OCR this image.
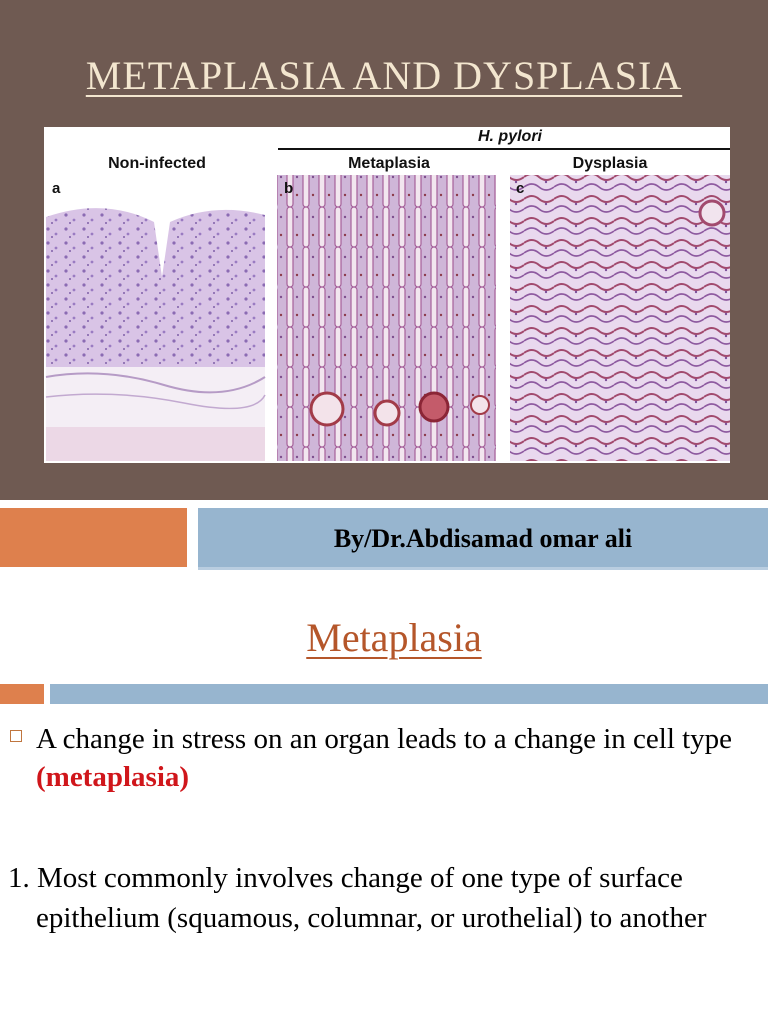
METAPLASIA AND DYSPLASIA
H. pylori
Non-infected	Metaplasia	Dysplasia
a	b	c
By/Dr.Abdisamad omar ali
Metaplasia
A change in stress on an organ leads to a change in cell type (metaplasia)
1. Most commonly involves change of one type of surface epithelium (squamous, columnar, or urothelial) to another
